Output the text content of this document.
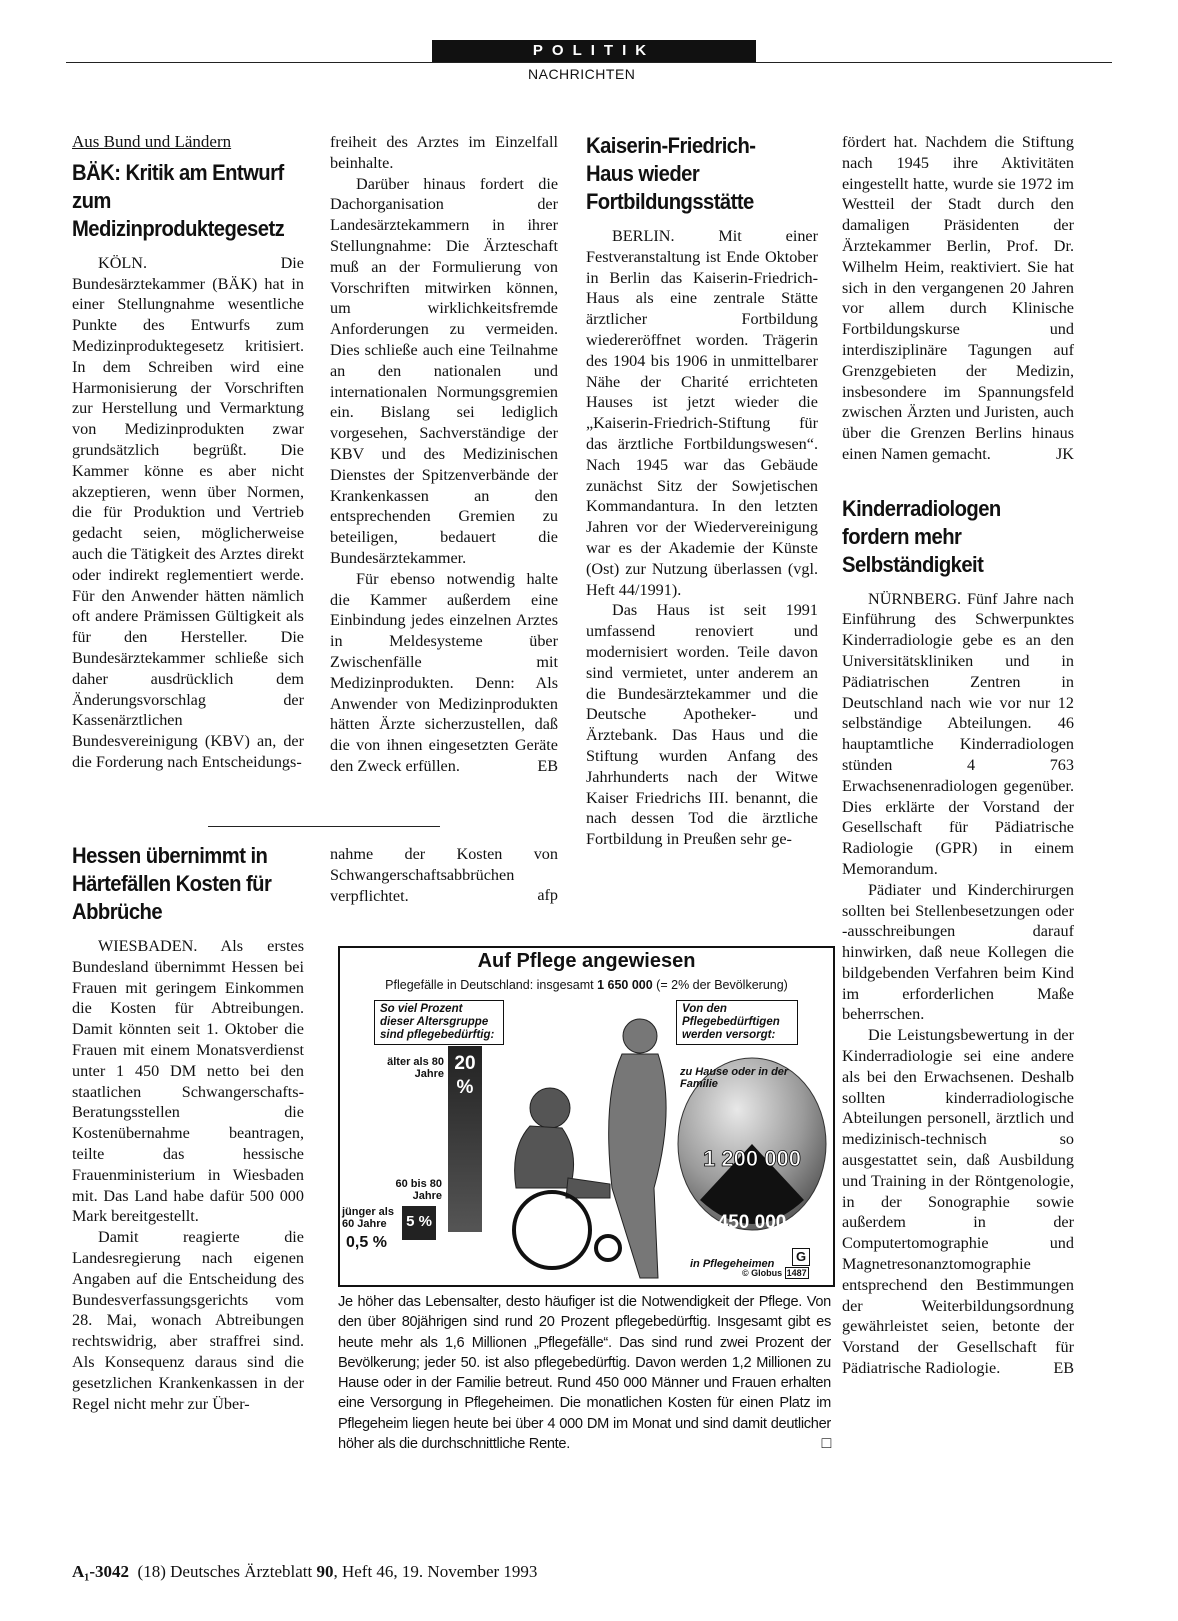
POLITIK
NACHRICHTEN
Aus Bund und Ländern
BÄK: Kritik am Entwurf zum Medizinproduktegesetz

KÖLN. Die Bundesärztekammer (BÄK) hat in einer Stellungnahme wesentliche Punkte des Entwurfs zum Medizinproduktegesetz kritisiert. In dem Schreiben wird eine Harmonisierung der Vorschriften zur Herstellung und Vermarktung von Medizinprodukten zwar grundsätzlich begrüßt. Die Kammer könne es aber nicht akzeptieren, wenn über Normen, die für Produktion und Vertrieb gedacht seien, möglicherweise auch die Tätigkeit des Arztes direkt oder indirekt reglementiert werde. Für den Anwender hätten nämlich oft andere Prämissen Gültigkeit als für den Hersteller. Die Bundesärztekammer schließe sich daher ausdrücklich dem Änderungsvorschlag der Kassenärztlichen Bundesvereinigung (KBV) an, der die Forderung nach Entscheidungs-

freiheit des Arztes im Einzelfall beinhalte.

Darüber hinaus fordert die Dachorganisation der Landesärztekammern in ihrer Stellungnahme: Die Ärzteschaft muß an der Formulierung von Vorschriften mitwirken können, um wirklichkeitsfremde Anforderungen zu vermeiden. Dies schließe auch eine Teilnahme an den nationalen und internationalen Normungsgremien ein. Bislang sei lediglich vorgesehen, Sachverständige der KBV und des Medizinischen Dienstes der Spitzenverbände der Krankenkassen an den entsprechenden Gremien zu beteiligen, bedauert die Bundesärztekammer.

Für ebenso notwendig halte die Kammer außerdem eine Einbindung jedes einzelnen Arztes in Meldesysteme über Zwischenfälle mit Medizinprodukten. Denn: Als Anwender von Medizinprodukten hätten Ärzte sicherzustellen, daß die von ihnen eingesetzten Geräte den Zweck erfüllen.	EB
Hessen übernimmt in Härtefällen Kosten für Abbrüche

WIESBADEN. Als erstes Bundesland übernimmt Hessen bei Frauen mit geringem Einkommen die Kosten für Abtreibungen. Damit könnten seit 1. Oktober die Frauen mit einem Monatsverdienst unter 1 450 DM netto bei den staatlichen Schwangerschafts-Beratungsstellen die Kostenübernahme beantragen, teilte das hessische Frauenministerium in Wiesbaden mit. Das Land habe dafür 500 000 Mark bereitgestellt.

Damit reagierte die Landesregierung nach eigenen Angaben auf die Entscheidung des Bundesverfassungsgerichts vom 28. Mai, wonach Abtreibungen rechtswidrig, aber straffrei sind. Als Konsequenz daraus sind die gesetzlichen Krankenkassen in der Regel nicht mehr zur Über-

nahme der Kosten von Schwangerschaftsabbrüchen verpflichtet.	afp
Kaiserin-Friedrich-Haus wieder Fortbildungsstätte

BERLIN. Mit einer Festveranstaltung ist Ende Oktober in Berlin das Kaiserin-Friedrich-Haus als eine zentrale Stätte ärztlicher Fortbildung wiedereröffnet worden. Trägerin des 1904 bis 1906 in unmittelbarer Nähe der Charité errichteten Hauses ist jetzt wieder die „Kaiserin-Friedrich-Stiftung für das ärztliche Fortbildungswesen“. Nach 1945 war das Gebäude zunächst Sitz der Sowjetischen Kommandantura. In den letzten Jahren vor der Wiedervereinigung war es der Akademie der Künste (Ost) zur Nutzung überlassen (vgl. Heft 44/1991).

Das Haus ist seit 1991 umfassend renoviert und modernisiert worden. Teile davon sind vermietet, unter anderem an die Bundesärztekammer und die Deutsche Apotheker- und Ärztebank. Das Haus und die Stiftung wurden Anfang des Jahrhunderts nach der Witwe Kaiser Friedrichs III. benannt, die nach dessen Tod die ärztliche Fortbildung in Preußen sehr ge-

fördert hat. Nachdem die Stiftung nach 1945 ihre Aktivitäten eingestellt hatte, wurde sie 1972 im Westteil der Stadt durch den damaligen Präsidenten der Ärztekammer Berlin, Prof. Dr. Wilhelm Heim, reaktiviert. Sie hat sich in den vergangenen 20 Jahren vor allem durch Klinische Fortbildungskurse und interdisziplinäre Tagungen auf Grenzgebieten der Medizin, insbesondere im Spannungsfeld zwischen Ärzten und Juristen, auch über die Grenzen Berlins hinaus einen Namen gemacht.	JK
Kinderradiologen fordern mehr Selbständigkeit

NÜRNBERG. Fünf Jahre nach Einführung des Schwerpunktes Kinderradiologie gebe es an den Universitätskliniken und in Pädiatrischen Zentren in Deutschland nach wie vor nur 12 selbständige Abteilungen. 46 hauptamtliche Kinderradiologen stünden 4 763 Erwachsenenradiologen gegenüber. Dies erklärte der Vorstand der Gesellschaft für Pädiatrische Radiologie (GPR) in einem Memorandum.

Pädiater und Kinderchirurgen sollten bei Stellenbesetzungen oder -ausschreibungen darauf hinwirken, daß neue Kollegen die bildgebenden Verfahren beim Kind im erforderlichen Maße beherrschen.

Die Leistungsbewertung in der Kinderradiologie sei eine andere als bei den Erwachsenen. Deshalb sollten kinderradiologische Abteilungen personell, ärztlich und medizinisch-technisch so ausgestattet sein, daß Ausbildung und Training in der Röntgenologie, in der Sonographie sowie außerdem in der Computertomographie und Magnetresonanztomographie entsprechend den Bestimmungen der Weiterbildungsordnung gewährleistet seien, betonte der Vorstand der Gesellschaft für Pädiatrische Radiologie.	EB
Auf Pflege angewiesen
Pflegefälle in Deutschland: insgesamt 1 650 000 (= 2% der Bevölkerung)
So viel Prozent dieser Altersgruppe sind pflegebedürftig:
Von den Pflegebedürftigen werden versorgt:
älter als 80 Jahre 20 %
60 bis 80 Jahre
5 %
jünger als 60 Jahre
0,5 %
zu Hause oder in der Familie
1 200 000
450 000
in Pflegeheimen	G
© Globus 1487
Je höher das Lebensalter, desto häufiger ist die Notwendigkeit der Pflege. Von den über 80jährigen sind rund 20 Prozent pflegebedürftig. Insgesamt gibt es heute mehr als 1,6 Millionen „Pflegefälle“. Das sind rund zwei Prozent der Bevölkerung; jeder 50. ist also pflegebedürftig. Davon werden 1,2 Millionen zu Hause oder in der Familie betreut. Rund 450 000 Männer und Frauen erhalten eine Versorgung in Pflegeheimen. Die monatlichen Kosten für einen Platz im Pflegeheim liegen heute bei über 4 000 DM im Monat und sind damit deutlicher höher als die durchschnittliche Rente.	□
A₁-3042 (18) Deutsches Ärzteblatt 90, Heft 46, 19. November 1993
